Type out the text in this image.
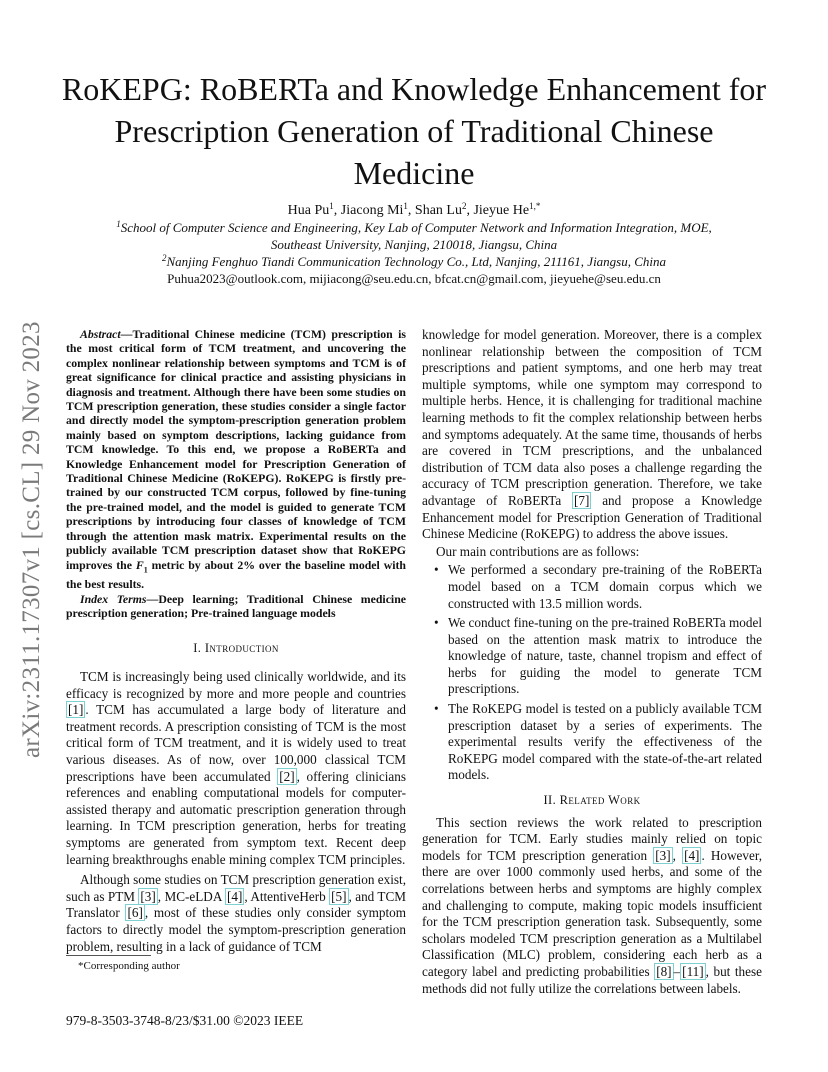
arXiv:2311.17307v1 [cs.CL] 29 Nov 2023
RoKEPG: RoBERTa and Knowledge Enhancement for Prescription Generation of Traditional Chinese Medicine
Hua Pu$^1$, Jiacong Mi$^1$, Shan Lu$^2$, Jieyue $He^{1,*}$
$^1$School of Computer Science and Engineering, Key Lab of Computer Network and Information Integration, MOE,
Southeast University, Nanjing, 210018, Jiangsu, China
$^2$Nanjing Fenghuo Tiandi Communication Technology Co., Ltd, Nanjing, 211161, Jiangsu, China
Puhua2023@outlook.com, mijiacong@seu.edu.cn, bfcat.cn@gmail.com, jieyuehe@seu.edu.cn

Abstract—Traditional Chinese medicine (TCM) prescription is the most critical form of TCM treatment, and uncovering the complex nonlinear relationship between symptoms and TCM is of great significance for clinical practice and assisting physicians in diagnosis and treatment. Although there have been some studies on TCM prescription generation, these studies consider a single factor and directly model the symptom-prescription generation problem mainly based on symptom descriptions, lacking guidance from TCM knowledge. To this end, we propose a RoBERTa and Knowledge Enhancement model for Prescription Generation of Traditional Chinese Medicine (RoKEPG). RoKEPG is firstly pre-trained by our constructed TCM corpus, followed by fine-tuning the pre-trained model, and the model is guided to generate TCM prescriptions by introducing four classes of knowledge of TCM through the attention mask matrix. Experimental results on the publicly available TCM prescription dataset show that RoKEPG improves the $F_1$ metric by about 2% over the baseline model with the best results.

Index Terms—Deep learning; Traditional Chinese medicine prescription generation; Pre-trained language models

I. Introduction

TCM is increasingly being used clinically worldwide, and its efficacy is recognized by more and more people and countries [1] . TCM has accumulated a large body of literature and treatment records. A prescription consisting of TCM is the most critical form of TCM treatment, and it is widely used to treat various diseases. As of now, over 100,000 classical TCM prescriptions have been accumulated [2] , offering clinicians references and enabling computational models for computer-assisted therapy and automatic prescription generation through learning. In TCM prescription generation, herbs for treating symptoms are generated from symptom text. Recent deep learning breakthroughs enable mining complex TCM principles.

Although some studies on TCM prescription generation exist, such as PTM [3] , MC-eLDA [4] , AttentiveHerb [5] , and TCM Translator [6] , most of these studies only consider symptom factors to directly model the symptom-prescription generation problem, resulting in a lack of guidance of TCM

knowledge for model generation. Moreover, there is a complex nonlinear relationship between the composition of TCM prescriptions and patient symptoms, and one herb may treat multiple symptoms, while one symptom may correspond to multiple herbs. Hence, it is challenging for traditional machine learning methods to fit the complex relationship between herbs and symptoms adequately. At the same time, thousands of herbs are covered in TCM prescriptions, and the unbalanced distribution of TCM data also poses a challenge regarding the accuracy of TCM prescription generation. Therefore, we take advantage of RoBERTa [7] and propose a Knowledge Enhancement model for Prescription Generation of Traditional Chinese Medicine (RoKEPG) to address the above issues.

Our main contributions are as follows:

• We performed a secondary pre-training of the RoBERTa model based on a TCM domain corpus which we constructed with 13.5 million words.
• We conduct fine-tuning on the pre-trained RoBERTa model based on the attention mask matrix to introduce the knowledge of nature, taste, channel tropism and effect of herbs for guiding the model to generate TCM prescriptions.
• The RoKEPG model is tested on a publicly available TCM prescription dataset by a series of experiments. The experimental results verify the effectiveness of the RoKEPG model compared with the state-of-the-art related models.
II. Related Work

This section reviews the work related to prescription generation for TCM. Early studies mainly relied on topic models for TCM prescription generation [3] , [4] . However, there are over 1000 commonly used herbs, and some of the correlations between herbs and symptoms are highly complex and challenging to compute, making topic models insufficient for the TCM prescription generation task. Subsequently, some scholars modeled TCM prescription generation as a Multilabel Classification (MLC) problem, considering each herb as a category label and predicting probabilities [8] – [11] , but these methods did not fully utilize the correlations between labels.

*Corresponding author
979-8-3503-3748-8/23/$31.00 ©2023 IEEE
